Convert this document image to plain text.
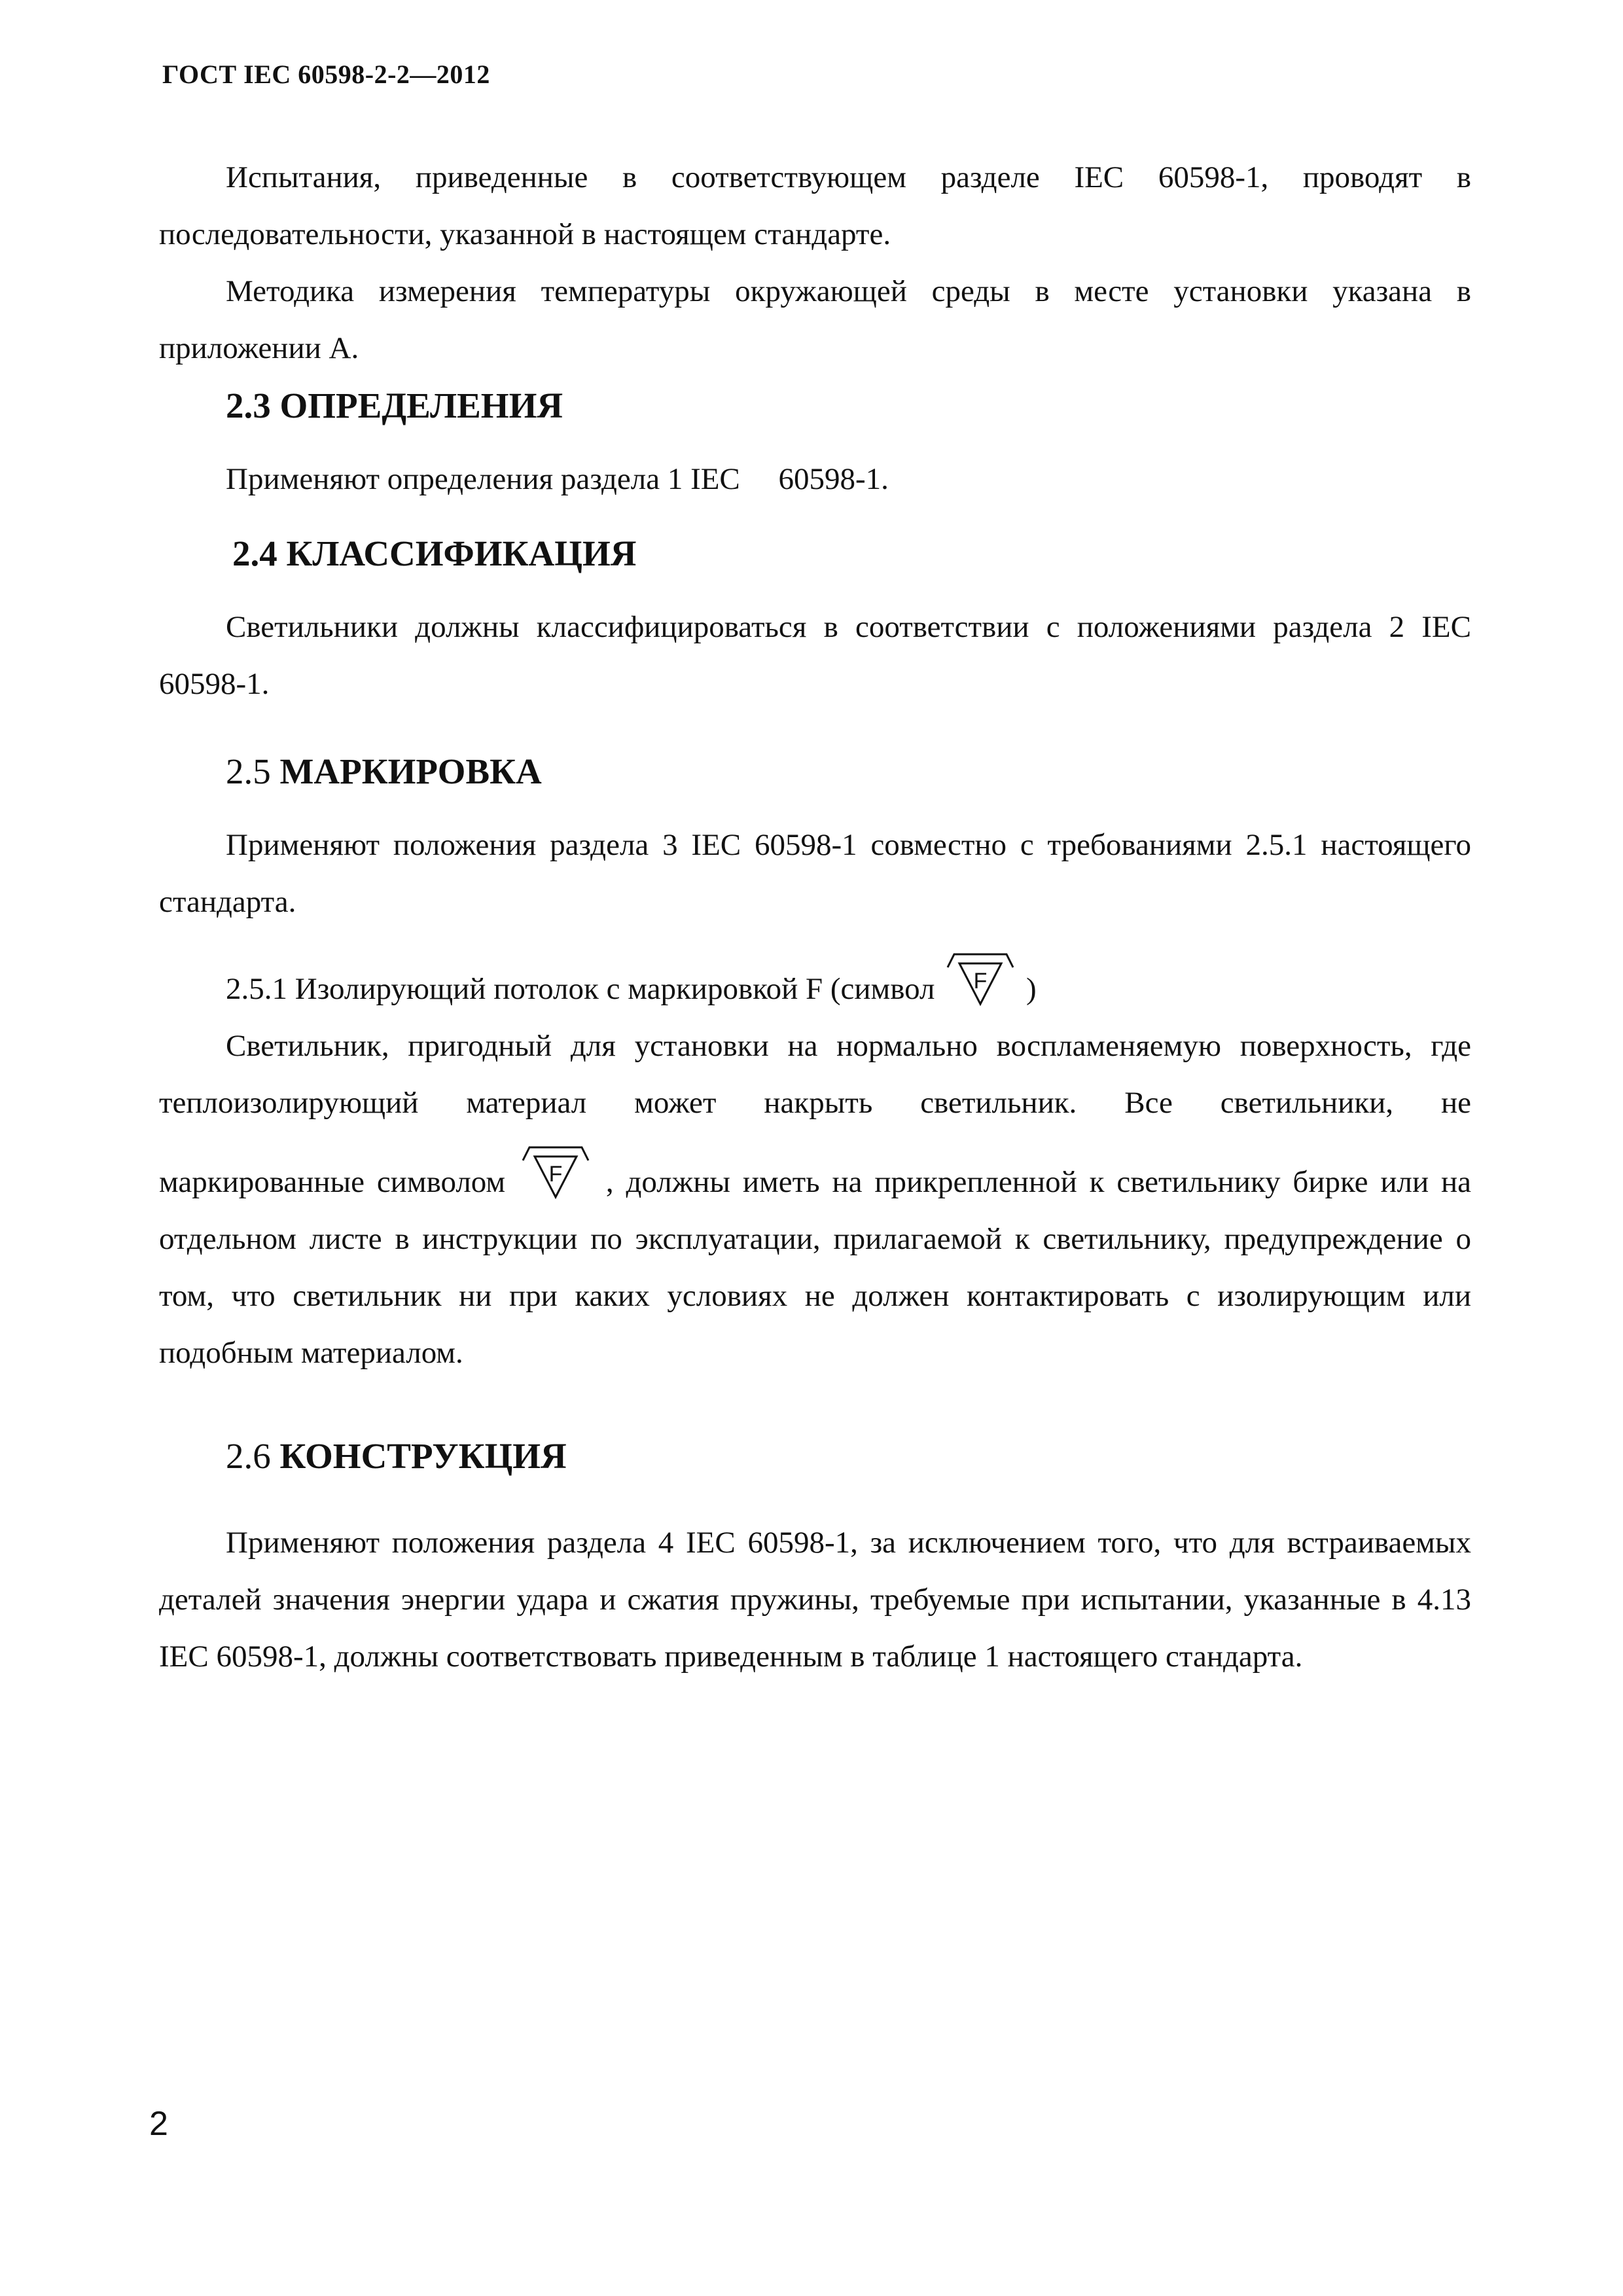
ГОСТ IEC 60598-2-2—2012

Испытания, приведенные в соответствующем разделе IEC 60598-1, проводят в последовательности, указанной в настоящем стандарте.

Методика измерения температуры окружающей среды в месте установки указана в приложении А.

2.3 ОПРЕДЕЛЕНИЯ

Применяют определения раздела 1 IEC     60598-1.

2.4 КЛАССИФИКАЦИЯ

Светильники должны классифицироваться в соответствии с положениями раздела 2 IEC 60598-1.

2.5 МАРКИРОВКА

Применяют положения раздела 3 IEC 60598-1 совместно с требованиями 2.5.1 настоящего стандарта.

2.5.1 Изолирующий потолок с маркировкой F (символ F )

Светильник, пригодный для установки на нормально воспламеняемую поверхность, где теплоизолирующий материал может накрыть светильник. Все светильники, не

маркированные символом F , должны иметь на прикрепленной к светильнику бирке или на отдельном листе в инструкции по эксплуатации, прилагаемой к светильнику, предупреждение о том, что светильник ни при каких условиях не должен контактировать с изолирующим или подобным материалом.

2.6 КОНСТРУКЦИЯ

Применяют положения раздела 4 IEC 60598-1, за исключением того, что для встраиваемых деталей значения энергии удара и сжатия пружины, требуемые при испытании, указанные в 4.13 IEC 60598-1, должны соответствовать приведенным в таблице 1 настоящего стандарта.

2
